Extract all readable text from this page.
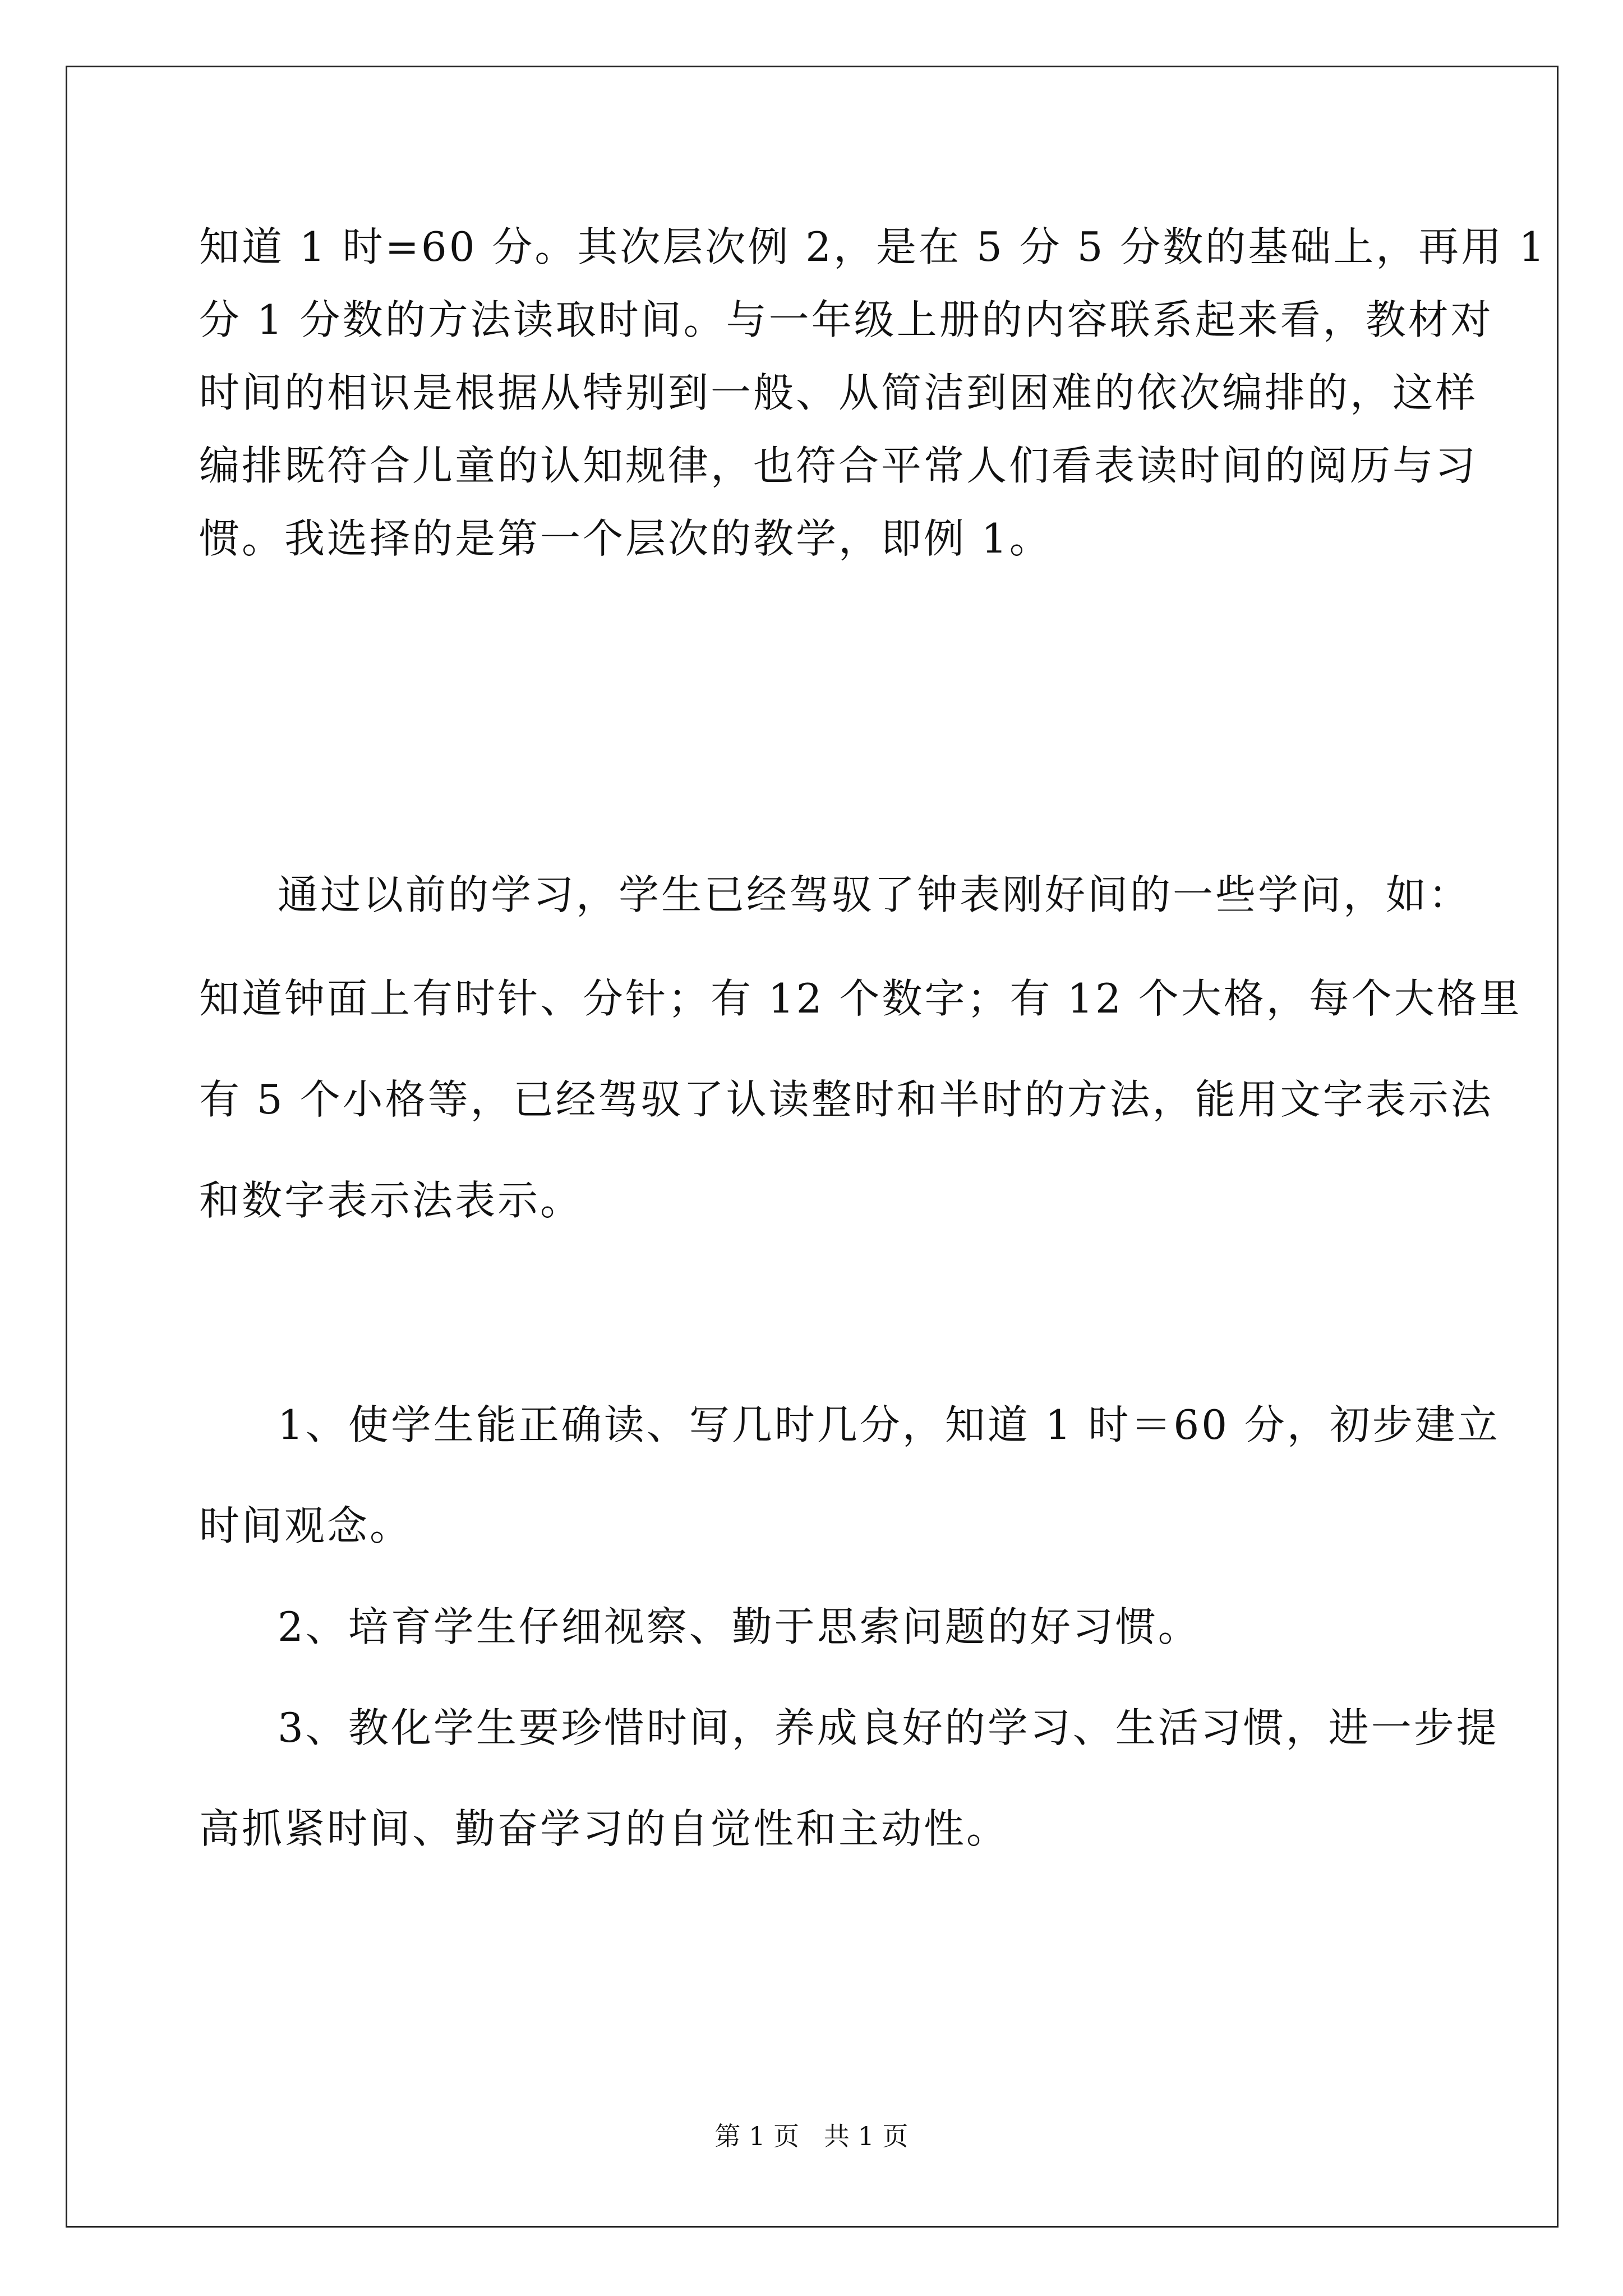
知道 1 时=60 分。其次层次例 2，是在 5 分 5 分数的基础上，再用 1
分 1 分数的方法读取时间。与一年级上册的内容联系起来看，教材对
时间的相识是根据从特别到一般、从简洁到困难的依次编排的，这样
编排既符合儿童的认知规律，也符合平常人们看表读时间的阅历与习
惯。我选择的是第一个层次的教学，即例 1。
通过以前的学习，学生已经驾驭了钟表刚好间的一些学问，如：
知道钟面上有时针、分针；有 12 个数字；有 12 个大格，每个大格里
有 5 个小格等，已经驾驭了认读整时和半时的方法，能用文字表示法
和数字表示法表示。
1、使学生能正确读、写几时几分，知道 1 时＝60 分，初步建立
时间观念。
2、培育学生仔细视察、勤于思索问题的好习惯。
3、教化学生要珍惜时间，养成良好的学习、生活习惯，进一步提
高抓紧时间、勤奋学习的自觉性和主动性。
第 1 页   共 1 页
